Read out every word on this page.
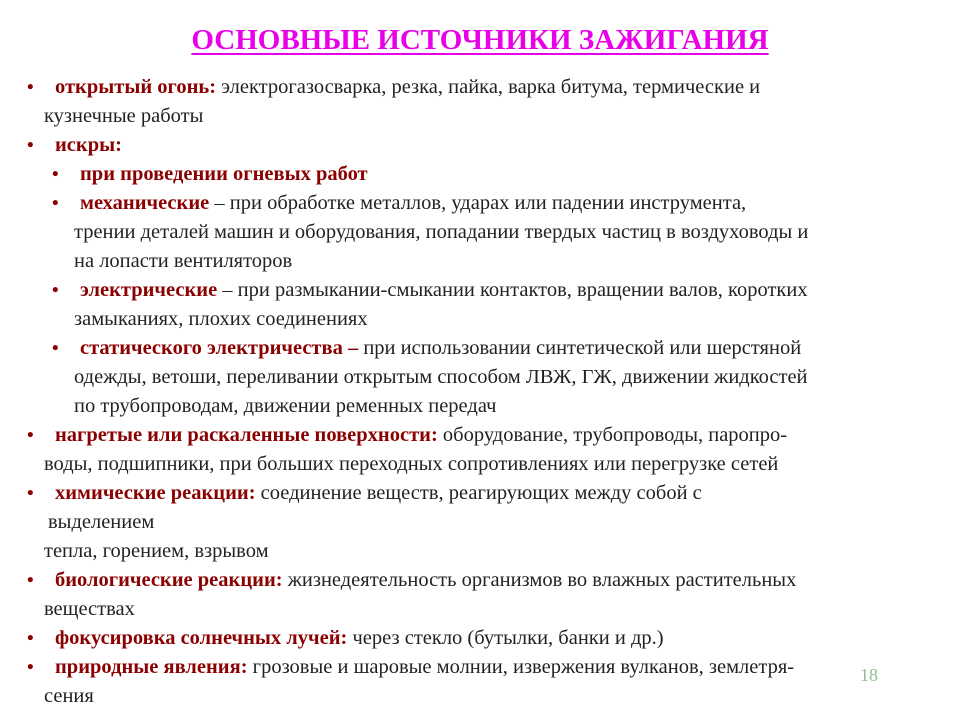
ОСНОВНЫЕ ИСТОЧНИКИ ЗАЖИГАНИЯ
• открытый огонь: электрогазосварка, резка, пайка, варка битума, термические и
кузнечные работы
• искры:
• при проведении огневых работ
• механические – при обработке металлов, ударах или падении инструмента,
трении деталей машин и оборудования, попадании твердых частиц в воздуховоды и
на лопасти вентиляторов
• электрические – при размыкании-смыкании контактов, вращении валов, коротких
замыканиях, плохих соединениях
• статического электричества – при использовании синтетической или шерстяной
одежды, ветоши, переливании открытым способом ЛВЖ, ГЖ, движении жидкостей
по трубопроводам, движении ременных передач
• нагретые или раскаленные поверхности: оборудование, трубопроводы, паропро-
воды, подшипники, при больших переходных сопротивлениях или перегрузке сетей
• химические реакции: соединение веществ, реагирующих между собой с
выделением
тепла, горением, взрывом
• биологические реакции: жизнедеятельность организмов во влажных растительных
веществах
• фокусировка солнечных лучей: через стекло (бутылки, банки и др.)
• природные явления: грозовые и шаровые молнии, извержения вулканов, землетря-
сения
18
